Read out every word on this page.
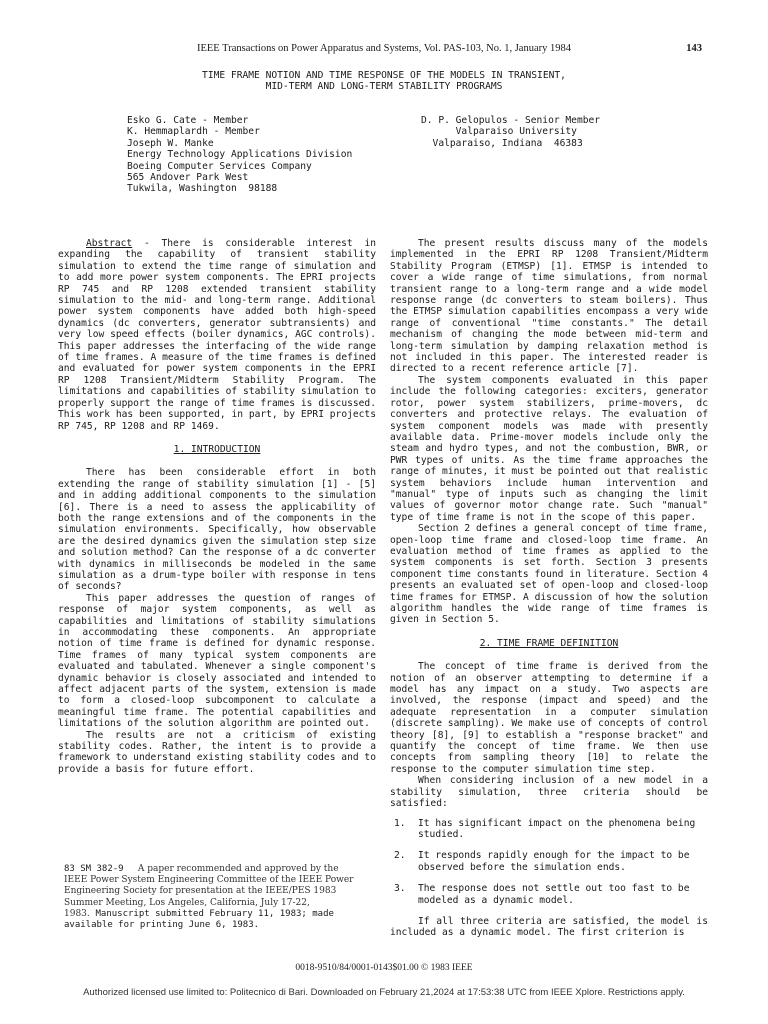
IEEE Transactions on Power Apparatus and Systems, Vol. PAS-103, No. 1, January 1984	143
TIME FRAME NOTION AND TIME RESPONSE OF THE MODELS IN TRANSIENT,
MID-TERM AND LONG-TERM STABILITY PROGRAMS
Esko G. Cate - Member
K. Hemmaplardh - Member
Joseph W. Manke
Energy Technology Applications Division
Boeing Computer Services Company
565 Andover Park West
Tukwila, Washington  98188
D. P. Gelopulos - Senior Member
Valparaiso University
Valparaiso, Indiana  46383

Abstract - There is considerable interest in expanding the capability of transient stability simulation to extend the time range of simulation and to add more power system components. The EPRI projects RP 745 and RP 1208 extended transient stability simulation to the mid- and long-term range. Additional power system components have added both high-speed dynamics (dc converters, generator subtransients) and very low speed effects (boiler dynamics, AGC controls). This paper addresses the interfacing of the wide range of time frames. A measure of the time frames is defined and evaluated for power system components in the EPRI RP 1208 Transient/Midterm Stability Program. The limitations and capabilities of stability simulation to properly support the range of time frames is discussed. This work has been supported, in part, by EPRI projects RP 745, RP 1208 and RP 1469.

1. INTRODUCTION

There has been considerable effort in both extending the range of stability simulation [1] - [5] and in adding additional components to the simulation [6]. There is a need to assess the applicability of both the range extensions and of the components in the simulation environments. Specifically, how observable are the desired dynamics given the simulation step size and solution method? Can the response of a dc converter with dynamics in milliseconds be modeled in the same simulation as a drum-type boiler with response in tens of seconds?

This paper addresses the question of ranges of response of major system components, as well as capabilities and limitations of stability simulations in accommodating these components. An appropriate notion of time frame is defined for dynamic response. Time frames of many typical system components are evaluated and tabulated. Whenever a single component's dynamic behavior is closely associated and intended to affect adjacent parts of the system, extension is made to form a closed-loop subcomponent to calculate a meaningful time frame. The potential capabilities and limitations of the solution algorithm are pointed out.

The results are not a criticism of existing stability codes. Rather, the intent is to provide a framework to understand existing stability codes and to provide a basis for future effort.

The present results discuss many of the models implemented in the EPRI RP 1208 Transient/Midterm Stability Program (ETMSP) [1]. ETMSP is intended to cover a wide range of time simulations, from normal transient range to a long-term range and a wide model response range (dc converters to steam boilers). Thus the ETMSP simulation capabilities encompass a very wide range of conventional "time constants." The detail mechanism of changing the mode between mid-term and long-term simulation by damping relaxation method is not included in this paper. The interested reader is directed to a recent reference article [7].

The system components evaluated in this paper include the following categories: exciters, generator rotor, power system stabilizers, prime-movers, dc converters and protective relays. The evaluation of system component models was made with presently available data. Prime-mover models include only the steam and hydro types, and not the combustion, BWR, or PWR types of units. As the time frame approaches the range of minutes, it must be pointed out that realistic system behaviors include human intervention and "manual" type of inputs such as changing the limit values of governor motor change rate. Such "manual" type of time frame is not in the scope of this paper.

Section 2 defines a general concept of time frame, open-loop time frame and closed-loop time frame. An evaluation method of time frames as applied to the system components is set forth. Section 3 presents component time constants found in literature. Section 4 presents an evaluated set of open-loop and closed-loop time frames for ETMSP. A discussion of how the solution algorithm handles the wide range of time frames is given in Section 5.

2. TIME FRAME DEFINITION

The concept of time frame is derived from the notion of an observer attempting to determine if a model has any impact on a study. Two aspects are involved, the response (impact and speed) and the adequate representation in a computer simulation (discrete sampling). We make use of concepts of control theory [8], [9] to establish a "response bracket" and quantify the concept of time frame. We then use concepts from sampling theory [10] to relate the response to the computer simulation time step.

When considering inclusion of a new model in a stability simulation, three criteria should be satisfied:

1.	It has significant impact on the phenomena being studied.
2.	It responds rapidly enough for the impact to be observed before the simulation ends.
3.	The response does not settle out too fast to be modeled as a dynamic model.

If all three criteria are satisfied, the model is included as a dynamic model. The first criterion is

83 SM 382-9 A paper recommended and approved by the IEEE Power System Engineering Committee of the IEEE Power Engineering Society for presentation at the IEEE/PES 1983 Summer Meeting, Los Angeles, California, July 17-22, 1983. Manuscript submitted February 11, 1983; made available for printing June 6, 1983.
0018-9510/84/0001-0143$01.00 © 1983 IEEE
Authorized licensed use limited to: Politecnico di Bari. Downloaded on February 21,2024 at 17:53:38 UTC from IEEE Xplore. Restrictions apply.
